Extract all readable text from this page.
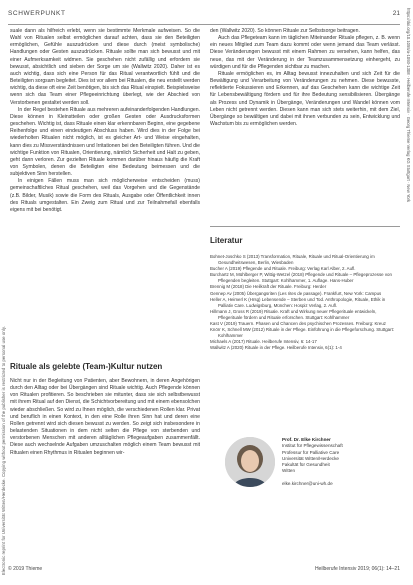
SCHWERPUNKT	21
Electronic reprint for Universität Witten/Herdecke. Copying without permission of the publisher is restricted to personal use only.
https://doi.org/10.1055/a-1093-1308 · Heilberufe Intensiv · Georg Thieme Verlag KG Stuttgart · New York

suale dann als hilfreich erlebt, wenn sie bestimmte Merkmale aufweisen. So die Wahl von Ritualen selbst ermöglichen darauf achten, dass sie den Beteiligten ermöglichen, Gefühle auszudrücken und diese durch (meist symbolische) Handlungen oder Gesten auszudrücken. Rituale sollte man sich bewusst und mit einer Aufmerksamkeit widmen. Sie geschehen nicht zufällig und erfordern sie bewusst, absichtlich und sieben der Sorge um sie (Wallwitz 2020). Daher ist es auch wichtig, dass sich eine Person für das Ritual verantwortlich fühlt und die Beteiligten sorgsam begleitet. Dies ist vor allem bei Ritualen, die neu erstellt werden wichtig, da diese oft eine Zeit benötigen, bis sich das Ritual einspielt. Beispielsweise wenn sich das Team einer Pflegeeinrichtung überlegt, wie der Abschied von Verstorbenen gestaltet werden soll.

In der Regel bestehen Rituale aus mehreren aufeinanderfolgenden Handlungen. Diese können in Kleinstteilen oder großen Gesten oder Ausdrucksformen geschehen. Wichtig ist, dass Rituale einen klar erkennbaren Beginn, eine gegebene Reihenfolge und einen eindeutigen Abschluss haben. Wird dies in der Folge bei wiederholten Ritualen nicht möglich, ist es gleicher Art- und Weise eingehalten, kann dies zu Missverständnissen und Irritationen bei den Beteiligten führen. Und die wichtige Funktion von Ritualen, Orientierung, nämlich Sicherheit und Halt zu geben, geht dann verloren. Zur gezielten Rituale kommen darüber hinaus häufig die Kraft von Symbolen, denen die Beteiligten eine Bedeutung beimessen und die subjektiven Sinn herstellen.

In einigen Fällen muss man sich möglicherweise entscheiden (muss) gemeinschaftliches Ritual geschehen, weil das Vorgehen und die Gegenstände (z.B. Bilder, Musik) sowie die Form des Rituals, Ausgabe oder Öffentlichkeit innen des Rituals umgestalten. Ein Zweig zum Ritual und zur Teilnahmefall ebenfalls eigens mit bei benötigt.

Rituale als gelebte (Team-)Kultur nutzen

Nicht nur in der Begleitung von Patienten, aber Bewohnern, in deren Angehörigen durch den Alltag oder bei Übergängen sind Rituale wichtig. Auch Pflegende können von Ritualen profitieren. So beschrieben sie mitunter, dass sie sich selbstbewusst mit ihrem Ritual auf den Dienst, die Schichtvorbereitung und mit einem ebensolchen wieder abschließen. So wird zu Ihnen möglich, die verschiedenen Rollen klar. Privat und beruflich in einen Kontext, in den eine Rolle ihren Sinn hat und deren eine Rollen getrennt wird sich diesen bewusst zu werden. So zeigt sich insbesondere in belastenden Situationen in dem nicht selten die Pflege von sterbenden und verstorbenen Menschen mit anderen alltäglichen Pflegeaufgaben zusammenfällt. Diese auch wechselnde Aufgaben umzuschalten möglich einem Team bewusst mit Ritualen einen Rhythmus in Ritualen beginnen wir-

den (Wallwitz 2020). So können Rituale zur Selbstsorge beitragen.

Auch das Pflegeteam kann im täglichen Miteinander Rituale pflegen, z. B. wenn ein neues Mitglied zum Team dazu kommt oder wenn jemand das Team verlässt. Diese Veränderungen bewusst mit einem Rahmen zu versehen, kann helfen, das neue, das mit der Veränderung in der Teamzusammensetzung einhergeht, zu würdigen und für die Pflegenden sichtbar zu machen.

Rituale ermöglichen es, im Alltag bewusst innezuhalten und sich Zeit für die Bewältigung und Verarbeitung von Veränderungen zu nehmen. Diese bewusste, reflektierte Fokussieren und Erkennen, auf das Geschehen kann die wichtige Zeit für Lebensbewältigung fördern und für ihre Bedeutung sensibilisieren. Übergänge als Prozess und Dynamik in Übergänge, Veränderungen und Wandel können vom Leben nicht getrennt werden. Diesen kann man sich stets weiterhin, mit dem Ziel, Übergänge so bewältigen und dabei mit ihnen verbunden zu sein, Entwicklung und Wachstum bis zu ermöglichen werden.

Literatur
Bohnet-Joschko S (2013) Transformation, Rituale, Rituale und Ritual-Orientierung im Gesundheitswesen, Berlin, Wiesbaden
Bucher A (2019) Pflegende und Rituale. Freiburg: Verlag Karl Alber, 2. Aufl.
Burchartz M, Mühlberger P, Wittig-Wetzel (2018) Pflegende und Rituale – Pflegeprozesse von Pflegenden begleiten. Stuttgart: Kohlhammer, 1. Auflage. Hans-Huber
Brennig M (2018) Die Heilkraft der Rituale. Freiburg: Herder
Gennep Av (2005) Übergangsriten (Les rites de passage). Frankfurt, New York: Campus
Heller A, Heimerl K (Hrsg) Lebensende – Sterben und Tod. Anthropologie, Rituale, Ethik in Palliativ Care. Ludwigsburg, München: Hospiz Verlag, 2. Aufl.
Hillmann J, Gross R (2019) Rituale. Kraft und Wirkung neuer Pflegerituale entwickeln, Pflegerituale fördern und Rituale erforschen. Stuttgart: Kohlhammer
Kast V (2019) Trauern. Phasen und Chancen des psychischen Prozesses. Freiburg: Kreuz
Knörr K, Schnell MW (2012) Rituale in der Pflege. Einführung in die Pflegeforschung. Stuttgart: Kohlhammer
Michaels A (2017) Rituale. Heilberufe Intensiv, 6: 14-17
Wallwitz A (2020) Rituale in der Pflege. Heilberufe Intensiv, 6(1): 1-4
Prof. Dr. Elke Kirchner
Institut für Pflegewissenschaft
Professur für Palliative Care
Universität Witten/Herdecke
Fakultät für Gesundheit
Witten
elke.kirchner@uni-wh.de
© 2019 Thieme	Heilberufe Intensiv 2019; 06(1): 14–21
